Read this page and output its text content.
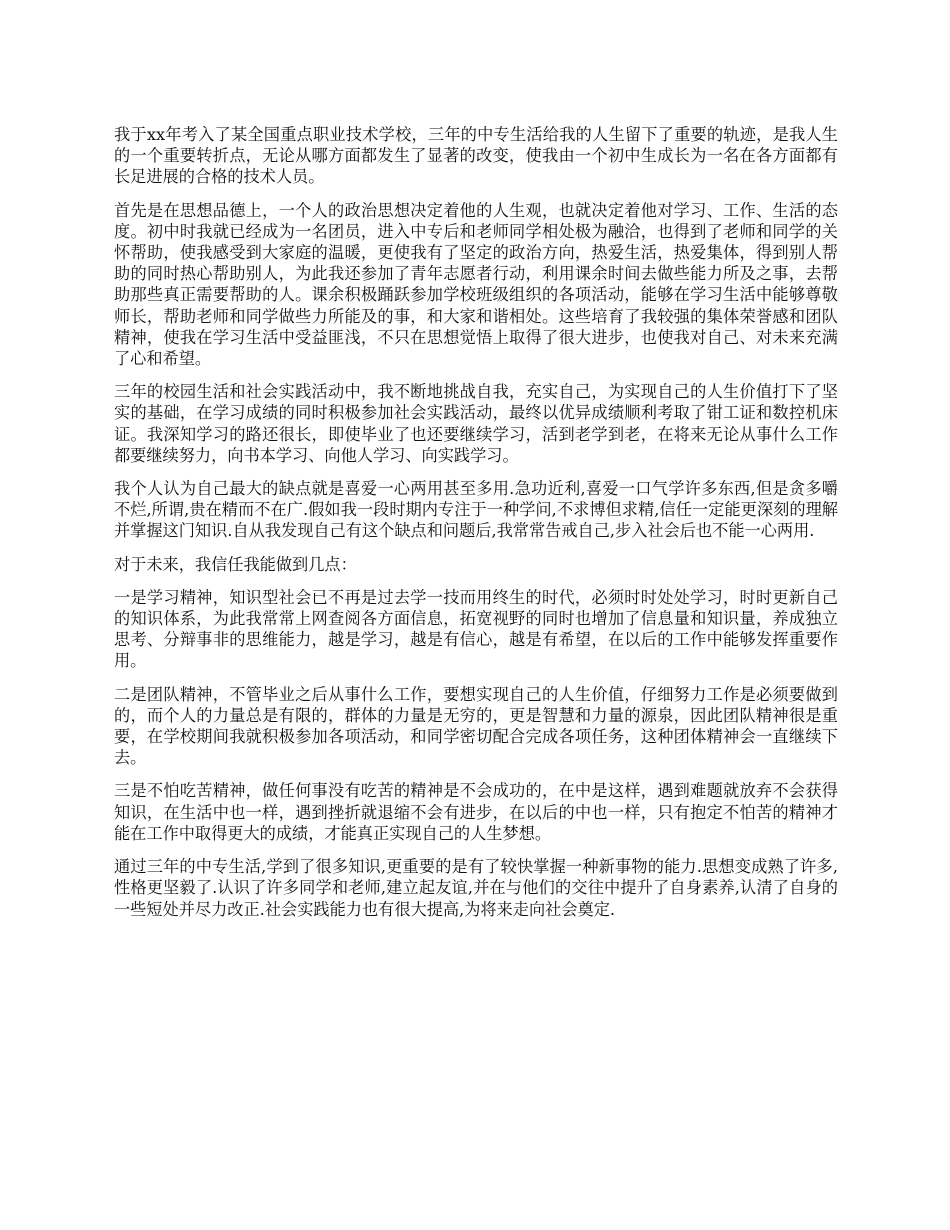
我于xx年考入了某全国重点职业技术学校，三年的中专生活给我的人生留下了重要的轨迹，是我人生的一个重要转折点，无论从哪方面都发生了显著的改变，使我由一个初中生成长为一名在各方面都有长足进展的合格的技术人员。

首先是在思想品德上，一个人的政治思想决定着他的人生观，也就决定着他对学习、工作、生活的态度。初中时我就已经成为一名团员，进入中专后和老师同学相处极为融洽，也得到了老师和同学的关怀帮助，使我感受到大家庭的温暖，更使我有了坚定的政治方向，热爱生活，热爱集体，得到别人帮助的同时热心帮助别人，为此我还参加了青年志愿者行动，利用课余时间去做些能力所及之事，去帮助那些真正需要帮助的人。课余积极踊跃参加学校班级组织的各项活动，能够在学习生活中能够尊敬师长，帮助老师和同学做些力所能及的事，和大家和谐相处。这些培育了我较强的集体荣誉感和团队精神，使我在学习生活中受益匪浅，不只在思想觉悟上取得了很大进步，也使我对自己、对未来充满了心和希望。

三年的校园生活和社会实践活动中，我不断地挑战自我，充实自己，为实现自己的人生价值打下了坚实的基础，在学习成绩的同时积极参加社会实践活动，最终以优异成绩顺利考取了钳工证和数控机床证。我深知学习的路还很长，即使毕业了也还要继续学习，活到老学到老，在将来无论从事什么工作都要继续努力，向书本学习、向他人学习、向实践学习。

我个人认为自己最大的缺点就是喜爱一心两用甚至多用.急功近利,喜爱一口气学许多东西,但是贪多嚼不烂,所谓,贵在精而不在广.假如我一段时期内专注于一种学问,不求博但求精,信任一定能更深刻的理解并掌握这门知识.自从我发现自己有这个缺点和问题后,我常常告戒自己,步入社会后也不能一心两用.

对于未来，我信任我能做到几点：

一是学习精神，知识型社会已不再是过去学一技而用终生的时代，必须时时处处学习，时时更新自己的知识体系，为此我常常上网查阅各方面信息，拓宽视野的同时也增加了信息量和知识量，养成独立思考、分辩事非的思维能力，越是学习，越是有信心，越是有希望，在以后的工作中能够发挥重要作用。

二是团队精神，不管毕业之后从事什么工作，要想实现自己的人生价值，仔细努力工作是必须要做到的，而个人的力量总是有限的，群体的力量是无穷的，更是智慧和力量的源泉，因此团队精神很是重要，在学校期间我就积极参加各项活动，和同学密切配合完成各项任务，这种团体精神会一直继续下去。

三是不怕吃苦精神，做任何事没有吃苦的精神是不会成功的，在中是这样，遇到难题就放弃不会获得知识，在生活中也一样，遇到挫折就退缩不会有进步，在以后的中也一样，只有抱定不怕苦的精神才能在工作中取得更大的成绩，才能真正实现自己的人生梦想。

通过三年的中专生活,学到了很多知识,更重要的是有了较快掌握一种新事物的能力.思想变成熟了许多,性格更坚毅了.认识了许多同学和老师,建立起友谊,并在与他们的交往中提升了自身素养,认清了自身的一些短处并尽力改正.社会实践能力也有很大提高,为将来走向社会奠定.
